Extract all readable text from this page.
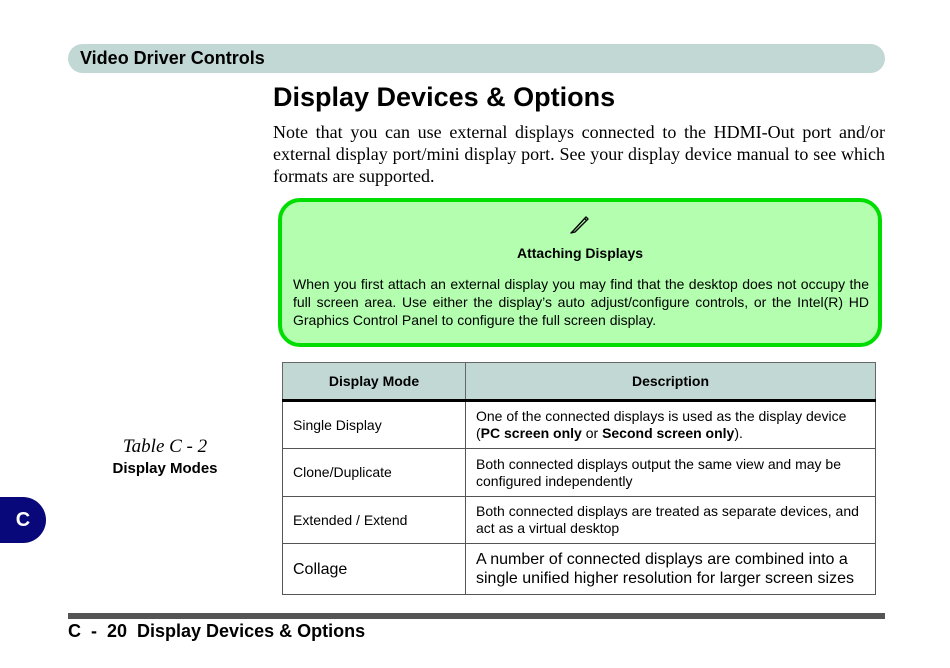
Video Driver Controls
Display Devices & Options

Note that you can use external displays connected to the HDMI-Out port and/or external display port/mini display port. See your display device manual to see which formats are supported.

Attaching Displays

When you first attach an external display you may find that the desktop does not occupy the full screen area. Use either the display’s auto adjust/configure controls, or the Intel(R) HD Graphics Control Panel to configure the full screen display.

Table C - 2
Display Modes
Display Mode	Description
Single Display	One of the connected displays is used as the display device (PC screen only or Second screen only).
Clone/Duplicate	Both connected displays output the same view and may be configured independently
Extended / Extend	Both connected displays are treated as separate devices, and act as a virtual desktop
Collage	A number of connected displays are combined into a single unified higher resolution for larger screen sizes
C
C  -  20  Display Devices & Options
